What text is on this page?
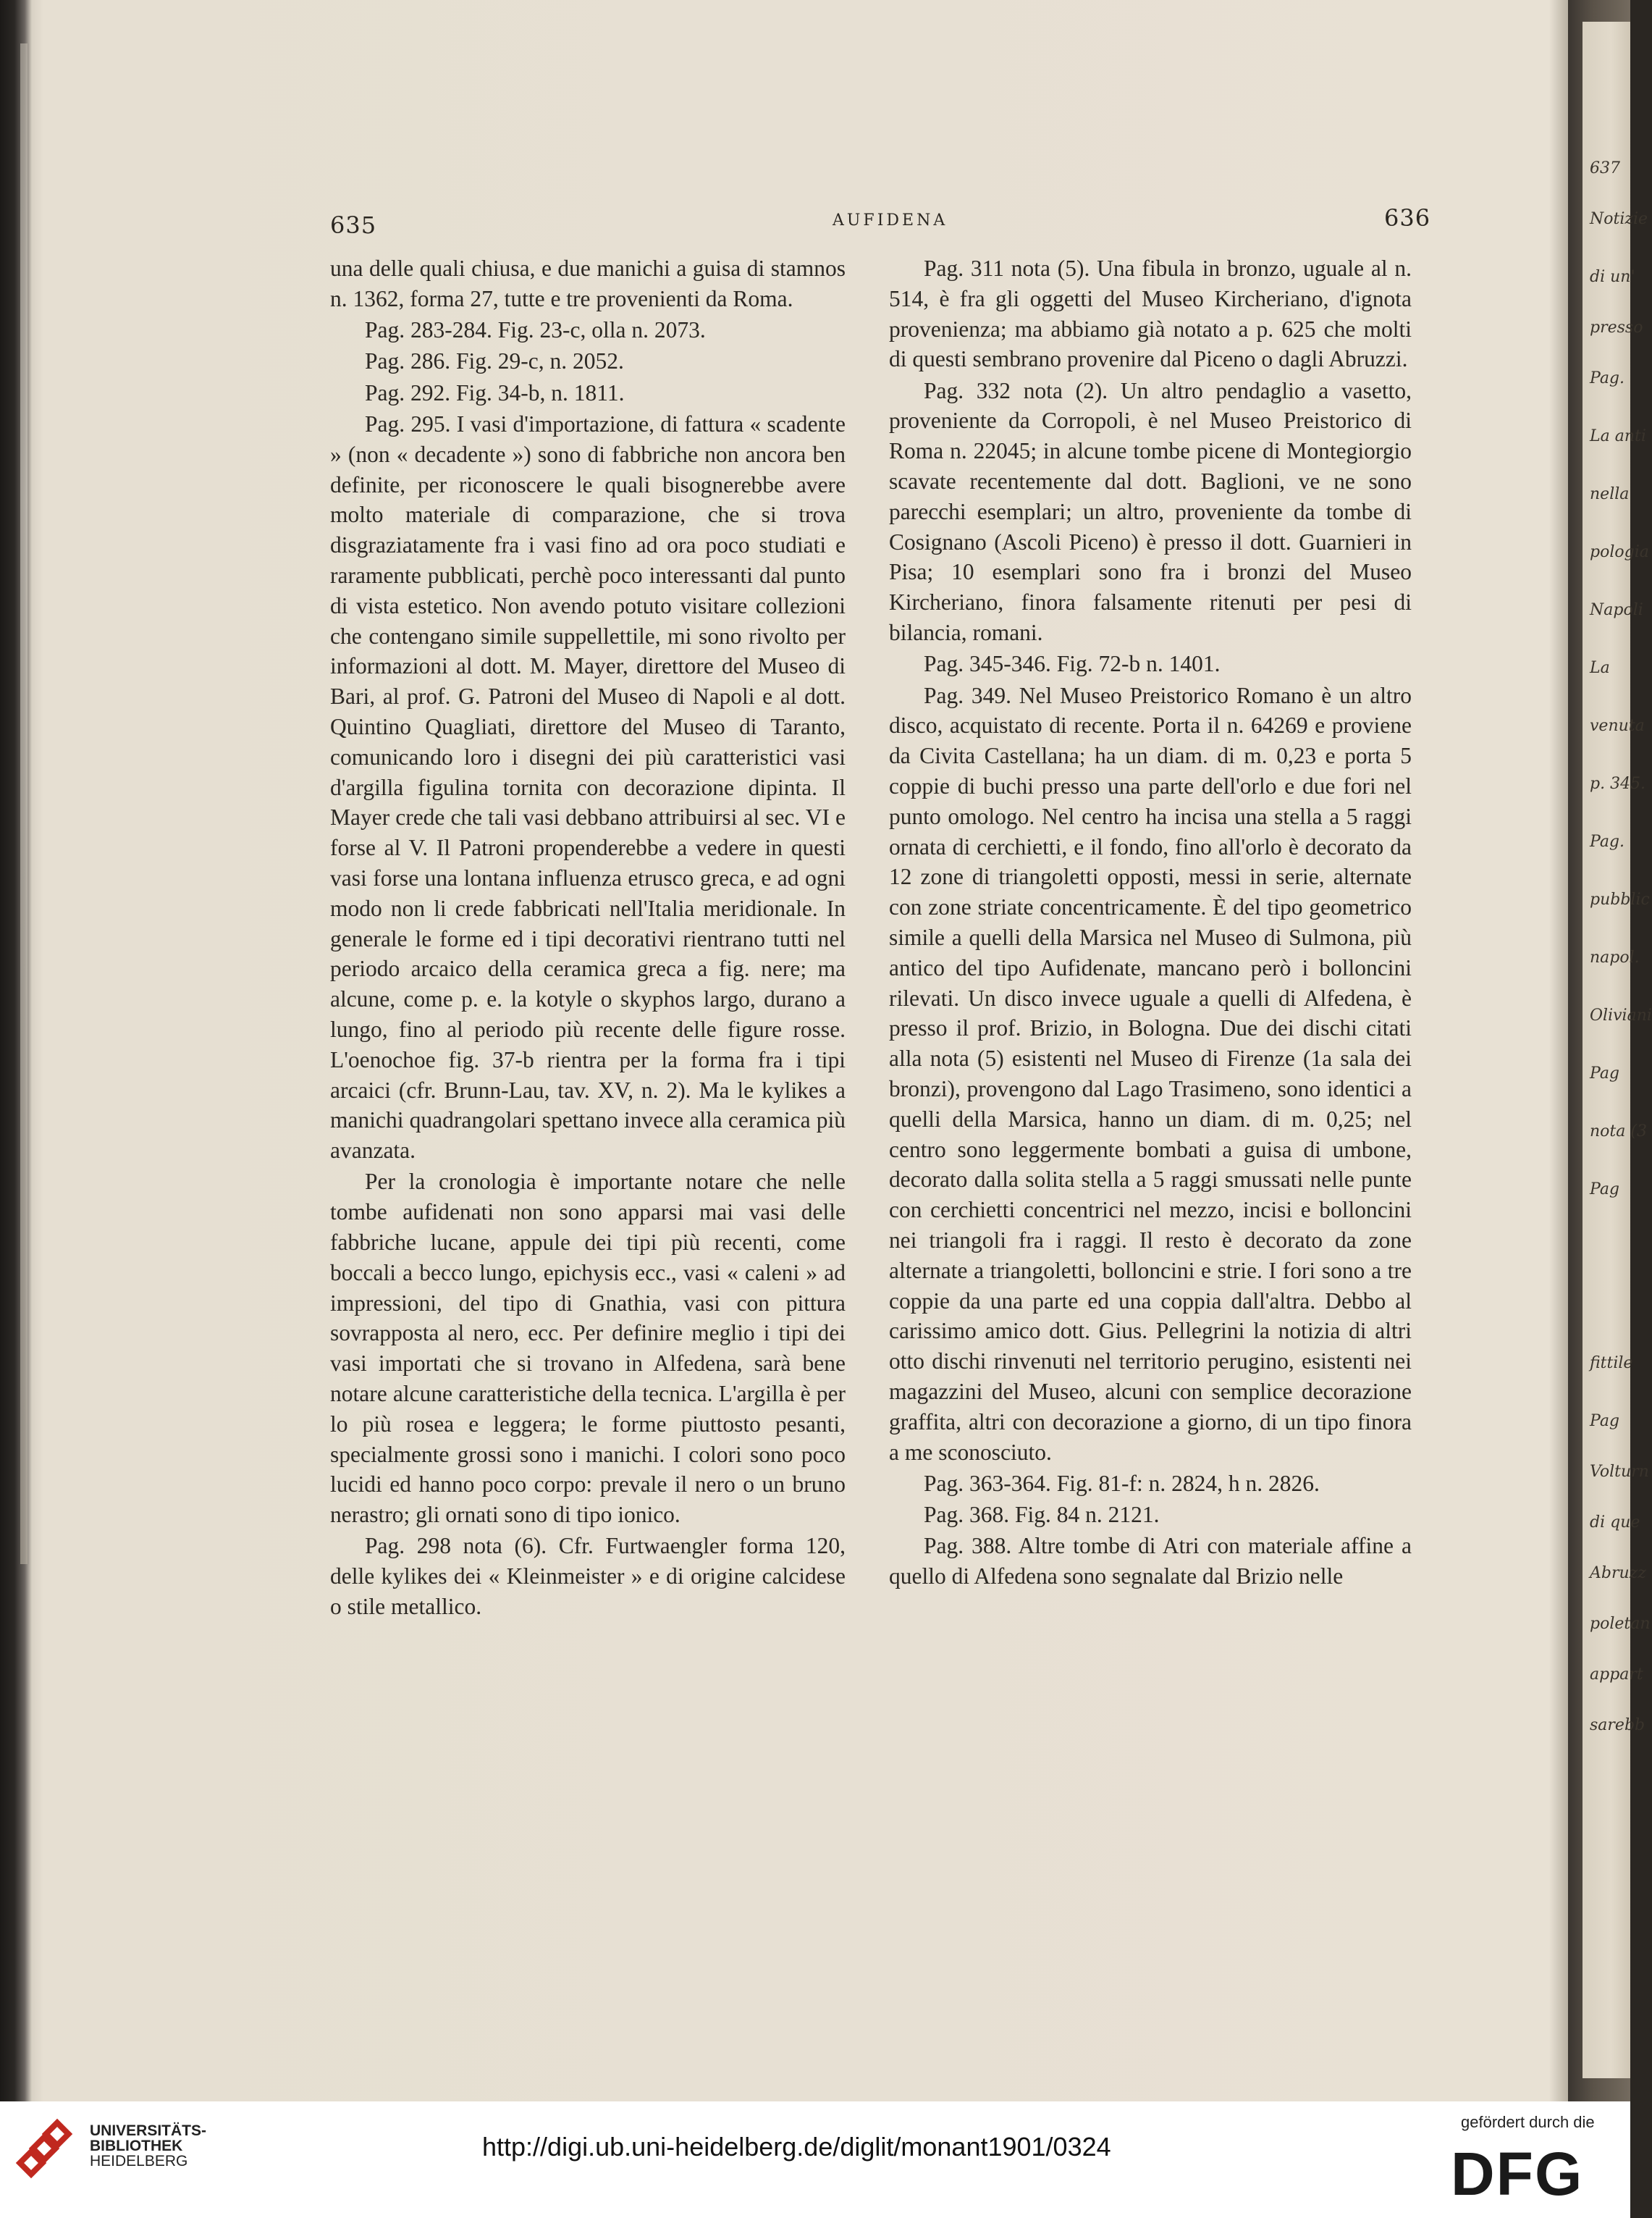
637
Notizie
di un'
presso
Pag.
La anti
nella
pologia
Napoli
La
venuta
p. 345.
Pag.
pubblic
napol.
Oliviani
Pag
nota (3
Pag
fittile
Pag
Volturn
di que
Abruzz
poletan
appart
sarebb
635	AUFIDENA	636

una delle quali chiusa, e due manichi a guisa di stamnos n. 1362, forma 27, tutte e tre provenienti da Roma.

Pag. 283-284. Fig. 23-c, olla n. 2073.

Pag. 286. Fig. 29-c, n. 2052.

Pag. 292. Fig. 34-b, n. 1811.

Pag. 295. I vasi d'importazione, di fattura « scadente » (non « decadente ») sono di fabbriche non ancora ben definite, per riconoscere le quali bisognerebbe avere molto materiale di comparazione, che si trova disgraziatamente fra i vasi fino ad ora poco studiati e raramente pubblicati, perchè poco interessanti dal punto di vista estetico. Non avendo potuto visitare collezioni che contengano simile suppellettile, mi sono rivolto per informazioni al dott. M. Mayer, direttore del Museo di Bari, al prof. G. Patroni del Museo di Napoli e al dott. Quintino Quagliati, direttore del Museo di Taranto, comunicando loro i disegni dei più caratteristici vasi d'argilla figulina tornita con decorazione dipinta. Il Mayer crede che tali vasi debbano attribuirsi al sec. VI e forse al V. Il Patroni propenderebbe a vedere in questi vasi forse una lontana influenza etrusco greca, e ad ogni modo non li crede fabbricati nell'Italia meridionale. In generale le forme ed i tipi decorativi rientrano tutti nel periodo arcaico della ceramica greca a fig. nere; ma alcune, come p. e. la kotyle o skyphos largo, durano a lungo, fino al periodo più recente delle figure rosse. L'oenochoe fig. 37-b rientra per la forma fra i tipi arcaici (cfr. Brunn-Lau, tav. XV, n. 2). Ma le kylikes a manichi quadrangolari spettano invece alla ceramica più avanzata.

Per la cronologia è importante notare che nelle tombe aufidenati non sono apparsi mai vasi delle fabbriche lucane, appule dei tipi più recenti, come boccali a becco lungo, epichysis ecc., vasi « caleni » ad impressioni, del tipo di Gnathia, vasi con pittura sovrapposta al nero, ecc. Per definire meglio i tipi dei vasi importati che si trovano in Alfedena, sarà bene notare alcune caratteristiche della tecnica. L'argilla è per lo più rosea e leggera; le forme piuttosto pesanti, specialmente grossi sono i manichi. I colori sono poco lucidi ed hanno poco corpo: prevale il nero o un bruno nerastro; gli ornati sono di tipo ionico.

Pag. 298 nota (6). Cfr. Furtwaengler forma 120, delle kylikes dei « Kleinmeister » e di origine calcidese o stile metallico.

Pag. 311 nota (5). Una fibula in bronzo, uguale al n. 514, è fra gli oggetti del Museo Kircheriano, d'ignota provenienza; ma abbiamo già notato a p. 625 che molti di questi sembrano provenire dal Piceno o dagli Abruzzi.

Pag. 332 nota (2). Un altro pendaglio a vasetto, proveniente da Corropoli, è nel Museo Preistorico di Roma n. 22045; in alcune tombe picene di Montegiorgio scavate recentemente dal dott. Baglioni, ve ne sono parecchi esemplari; un altro, proveniente da tombe di Cosignano (Ascoli Piceno) è presso il dott. Guarnieri in Pisa; 10 esemplari sono fra i bronzi del Museo Kircheriano, finora falsamente ritenuti per pesi di bilancia, romani.

Pag. 345-346. Fig. 72-b n. 1401.

Pag. 349. Nel Museo Preistorico Romano è un altro disco, acquistato di recente. Porta il n. 64269 e proviene da Civita Castellana; ha un diam. di m. 0,23 e porta 5 coppie di buchi presso una parte dell'orlo e due fori nel punto omologo. Nel centro ha incisa una stella a 5 raggi ornata di cerchietti, e il fondo, fino all'orlo è decorato da 12 zone di triangoletti opposti, messi in serie, alternate con zone striate concentricamente. È del tipo geometrico simile a quelli della Marsica nel Museo di Sulmona, più antico del tipo Aufidenate, mancano però i bolloncini rilevati. Un disco invece uguale a quelli di Alfedena, è presso il prof. Brizio, in Bologna. Due dei dischi citati alla nota (5) esistenti nel Museo di Firenze (1a sala dei bronzi), provengono dal Lago Trasimeno, sono identici a quelli della Marsica, hanno un diam. di m. 0,25; nel centro sono leggermente bombati a guisa di umbone, decorato dalla solita stella a 5 raggi smussati nelle punte con cerchietti concentrici nel mezzo, incisi e bolloncini nei triangoli fra i raggi. Il resto è decorato da zone alternate a triangoletti, bolloncini e strie. I fori sono a tre coppie da una parte ed una coppia dall'altra. Debbo al carissimo amico dott. Gius. Pellegrini la notizia di altri otto dischi rinvenuti nel territorio perugino, esistenti nei magazzini del Museo, alcuni con semplice decorazione graffita, altri con decorazione a giorno, di un tipo finora a me sconosciuto.

Pag. 363-364. Fig. 81-f: n. 2824, h n. 2826.

Pag. 368. Fig. 84 n. 2121.

Pag. 388. Altre tombe di Atri con materiale affine a quello di Alfedena sono segnalate dal Brizio nelle

UNIVERSITÄTS-
BIBLIOTHEK
HEIDELBERG	http://digi.ub.uni-heidelberg.de/diglit/monant1901/0324
gefördert durch die
DFG
